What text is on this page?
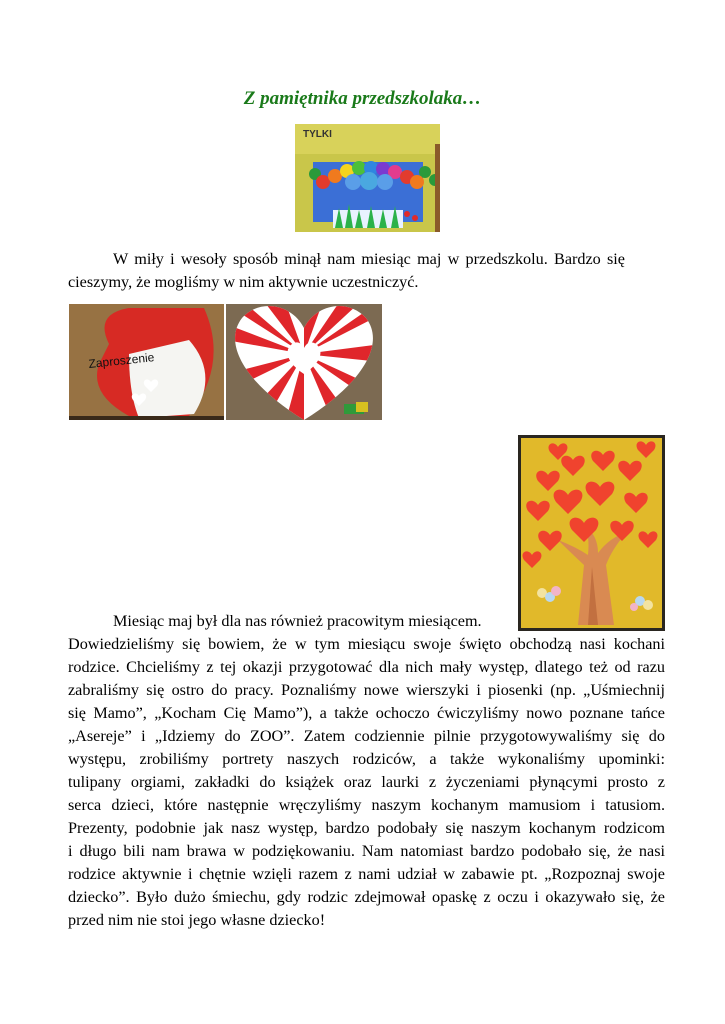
Z pamiętnika przedszkolaka…
TYLKI
W miły i wesoły sposób minął nam miesiąc maj w przedszkolu. Bardzo się
cieszymy, że mogliśmy w nim aktywnie uczestniczyć.
Zaproszenie
Miesiąc maj był dla nas również pracowitym miesiącem.
Dowiedzieliśmy się bowiem, że w tym miesiącu swoje święto obchodzą nasi kochani
rodzice. Chcieliśmy z tej okazji przygotować dla nich mały występ, dlatego też od razu
zabraliśmy się ostro do pracy. Poznaliśmy nowe wierszyki i piosenki (np. „Uśmiechnij
się Mamo”, „Kocham Cię Mamo”), a także ochoczo ćwiczyliśmy nowo poznane tańce
„Asereje” i „Idziemy do ZOO”. Zatem codziennie pilnie przygotowywaliśmy się do
występu, zrobiliśmy portrety naszych rodziców, a także wykonaliśmy upominki:
tulipany orgiami, zakładki do książek oraz laurki z życzeniami płynącymi prosto z
serca dzieci, które następnie wręczyliśmy naszym kochanym mamusiom i tatusiom.
Prezenty, podobnie jak nasz występ, bardzo podobały się naszym kochanym rodzicom
i długo bili nam brawa w podziękowaniu. Nam natomiast bardzo podobało się, że nasi
rodzice aktywnie i chętnie wzięli razem z nami udział w zabawie pt. „Rozpoznaj swoje
dziecko”. Było dużo śmiechu, gdy rodzic zdejmował opaskę z oczu i okazywało się, że
przed nim nie stoi jego własne dziecko!
